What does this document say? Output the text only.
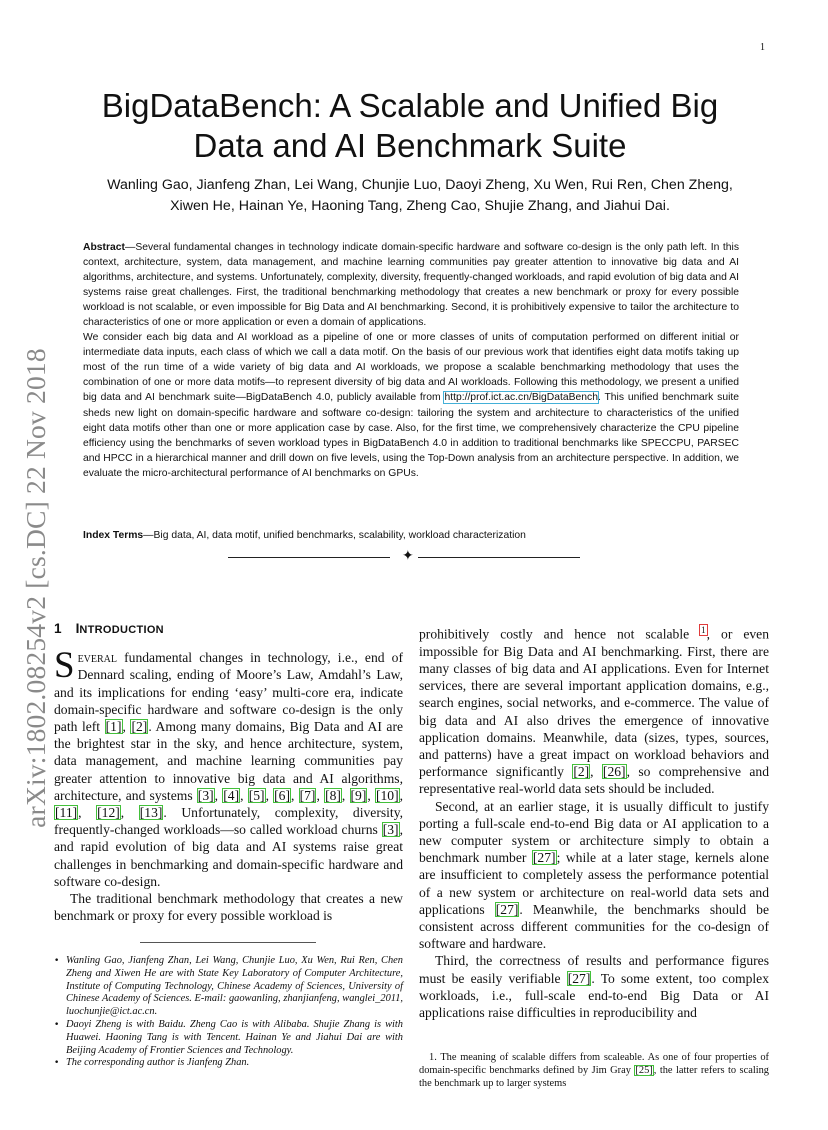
1
arXiv:1802.08254v2 [cs.DC] 22 Nov 2018
BigDataBench: A Scalable and Unified Big
Data and AI Benchmark Suite
Wanling Gao, Jianfeng Zhan, Lei Wang, Chunjie Luo, Daoyi Zheng, Xu Wen, Rui Ren, Chen Zheng,
Xiwen He, Hainan Ye, Haoning Tang, Zheng Cao, Shujie Zhang, and Jiahui Dai.

Abstract—Several fundamental changes in technology indicate domain-specific hardware and software co-design is the only path left. In this context, architecture, system, data management, and machine learning communities pay greater attention to innovative big data and AI algorithms, architecture, and systems. Unfortunately, complexity, diversity, frequently-changed workloads, and rapid evolution of big data and AI systems raise great challenges. First, the traditional benchmarking methodology that creates a new benchmark or proxy for every possible workload is not scalable, or even impossible for Big Data and AI benchmarking. Second, it is prohibitively expensive to tailor the architecture to characteristics of one or more application or even a domain of applications.

We consider each big data and AI workload as a pipeline of one or more classes of units of computation performed on different initial or intermediate data inputs, each class of which we call a data motif. On the basis of our previous work that identifies eight data motifs taking up most of the run time of a wide variety of big data and AI workloads, we propose a scalable benchmarking methodology that uses the combination of one or more data motifs—to represent diversity of big data and AI workloads. Following this methodology, we present a unified big data and AI benchmark suite—BigDataBench 4.0, publicly available from http://prof.ict.ac.cn/BigDataBench. This unified benchmark suite sheds new light on domain-specific hardware and software co-design: tailoring the system and architecture to characteristics of the unified eight data motifs other than one or more application case by case. Also, for the first time, we comprehensively characterize the CPU pipeline efficiency using the benchmarks of seven workload types in BigDataBench 4.0 in addition to traditional benchmarks like SPECCPU, PARSEC and HPCC in a hierarchical manner and drill down on five levels, using the Top-Down analysis from an architecture perspective. In addition, we evaluate the micro-architectural performance of AI benchmarks on GPUs.

Index Terms—Big data, AI, data motif, unified benchmarks, scalability, workload characterization
✦

1 INTRODUCTION

Several fundamental changes in technology, i.e., end of Dennard scaling, ending of Moore’s Law, Amdahl’s Law, and its implications for ending ‘easy’ multi-core era, indicate domain-specific hardware and software co-design is the only path left [1], [2]. Among many domains, Big Data and AI are the brightest star in the sky, and hence architecture, system, data management, and machine learning communities pay greater attention to innovative big data and AI algorithms, architecture, and systems [3], [4], [5], [6], [7], [8], [9], [10], [11], [12], [13]. Unfortunately, complexity, diversity, frequently-changed workloads—so called workload churns [3], and rapid evolution of big data and AI systems raise great challenges in benchmarking and domain-specific hardware and software co-design.

The traditional benchmark methodology that creates a new benchmark or proxy for every possible workload is

• Wanling Gao, Jianfeng Zhan, Lei Wang, Chunjie Luo, Xu Wen, Rui Ren, Chen Zheng and Xiwen He are with State Key Laboratory of Computer Architecture, Institute of Computing Technology, Chinese Academy of Sciences, University of Chinese Academy of Sciences. E-mail: gaowanling, zhanjianfeng, wanglei_2011, luochunjie@ict.ac.cn.
• Daoyi Zheng is with Baidu. Zheng Cao is with Alibaba. Shujie Zhang is with Huawei. Haoning Tang is with Tencent. Hainan Ye and Jiahui Dai are with Beijing Academy of Frontier Sciences and Technology.
• The corresponding author is Jianfeng Zhan.

prohibitively costly and hence not scalable $^1$, or even impossible for Big Data and AI benchmarking. First, there are many classes of big data and AI applications. Even for Internet services, there are several important application domains, e.g., search engines, social networks, and e-commerce. The value of big data and AI also drives the emergence of innovative application domains. Meanwhile, data (sizes, types, sources, and patterns) have a great impact on workload behaviors and performance significantly [2], [26], so comprehensive and representative real-world data sets should be included.

Second, at an earlier stage, it is usually difficult to justify porting a full-scale end-to-end Big data or AI application to a new computer system or architecture simply to obtain a benchmark number [27]; while at a later stage, kernels alone are insufficient to completely assess the performance potential of a new system or architecture on real-world data sets and applications [27]. Meanwhile, the benchmarks should be consistent across different communities for the co-design of software and hardware.

Third, the correctness of results and performance figures must be easily verifiable [27]. To some extent, too complex workloads, i.e., full-scale end-to-end Big Data or AI applications raise difficulties in reproducibility and

1. The meaning of scalable differs from scaleable. As one of four properties of domain-specific benchmarks defined by Jim Gray [25], the latter refers to scaling the benchmark up to larger systems
